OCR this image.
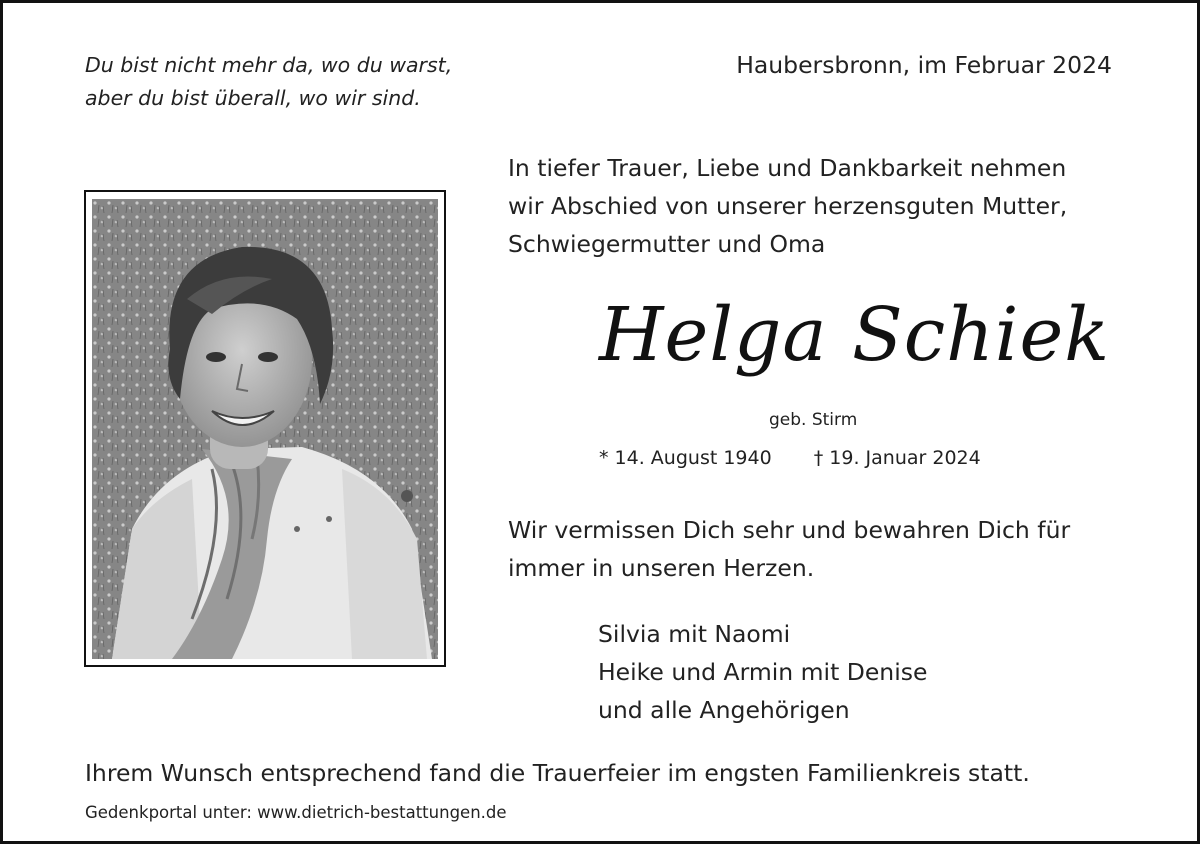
Du bist nicht mehr da, wo du warst,
aber du bist überall, wo wir sind.
Haubersbronn, im Februar 2024
In tiefer Trauer, Liebe und Dankbarkeit nehmen
wir Abschied von unserer herzensguten Mutter,
Schwiegermutter und Oma
Helga Schiek
geb. Stirm
* 14. August 1940 † 19. Januar 2024
Wir vermissen Dich sehr und bewahren Dich für
immer in unseren Herzen.
Silvia mit Naomi
Heike und Armin mit Denise
und alle Angehörigen
Ihrem Wunsch entsprechend fand die Trauerfeier im engsten Familienkreis statt.
Gedenkportal unter: www.dietrich-bestattungen.de
